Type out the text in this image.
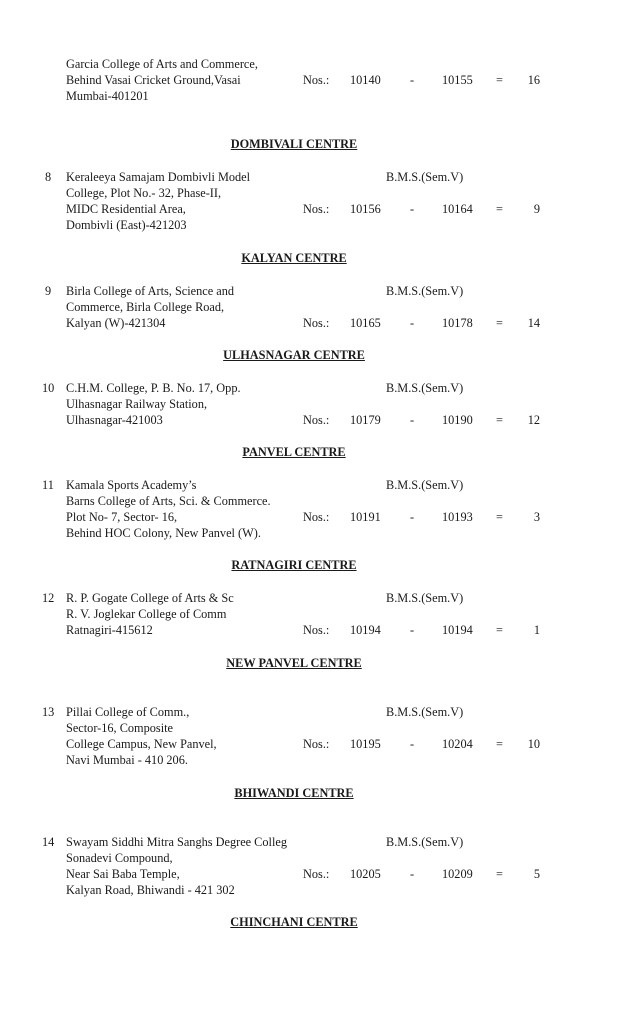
Garcia College of Arts and Commerce,
Behind Vasai Cricket Ground,Vasai
Mumbai-401201
Nos.: 10140 - 10155 =	16
DOMBIVALI CENTRE
8 Keraleeya Samajam Dombivli Model
College, Plot No.- 32, Phase-II,
MIDC Residential Area,
Dombivli (East)-421203
B.M.S.(Sem.V)
Nos.: 10156 - 10164 =	9
KALYAN CENTRE
9 Birla College of Arts, Science and
Commerce, Birla College Road,
Kalyan (W)-421304
B.M.S.(Sem.V)
Nos.: 10165 - 10178 =	14
ULHASNAGAR CENTRE
10 C.H.M. College, P. B. No. 17, Opp.
Ulhasnagar Railway Station,
Ulhasnagar-421003
B.M.S.(Sem.V)
Nos.: 10179 - 10190 =	12
PANVEL CENTRE
11 Kamala Sports Academy’s
Barns College of Arts, Sci. & Commerce.
Plot No- 7, Sector- 16,
Behind HOC Colony, New Panvel (W).
B.M.S.(Sem.V)
Nos.: 10191 - 10193 =	3
RATNAGIRI CENTRE
12 R. P. Gogate College of Arts & Sc
R. V. Joglekar College of Comm
Ratnagiri-415612
B.M.S.(Sem.V)
Nos.: 10194 - 10194 =	1
NEW PANVEL CENTRE
13 Pillai College of Comm.,
Sector-16, Composite
College Campus, New Panvel,
Navi Mumbai - 410 206.
B.M.S.(Sem.V)
Nos.: 10195 - 10204 =	10
BHIWANDI CENTRE
14 Swayam Siddhi Mitra Sanghs Degree Colleg
Sonadevi Compound,
Near Sai Baba Temple,
Kalyan Road, Bhiwandi - 421 302
B.M.S.(Sem.V)
Nos.: 10205 - 10209 =	5
CHINCHANI CENTRE
